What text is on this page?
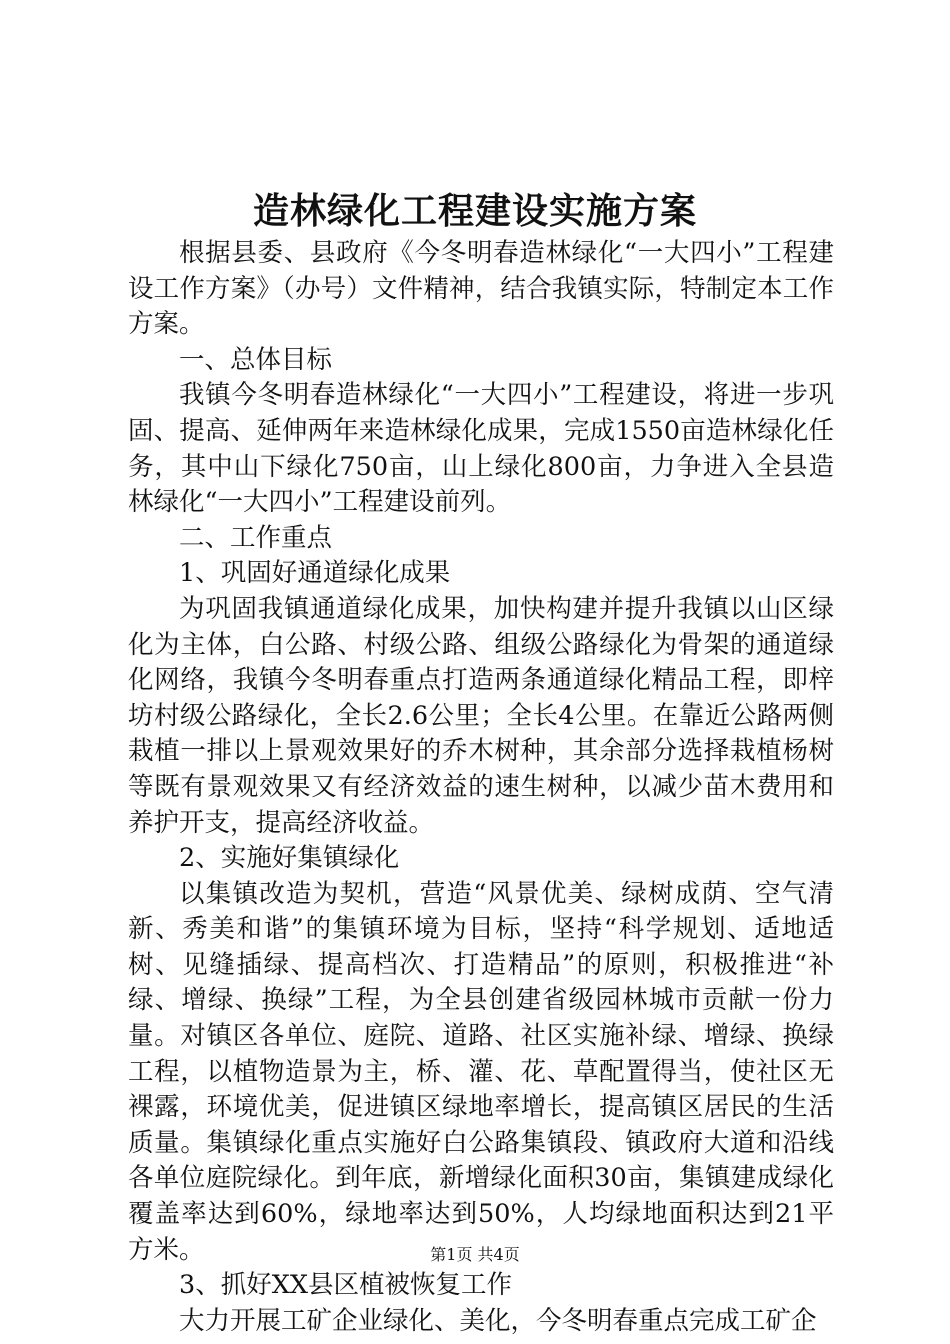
造林绿化工程建设实施方案

根据县委、县政府《今冬明春造林绿化“一大四小”工程建设工作方案》（办号）文件精神，结合我镇实际，特制定本工作方案。

一、总体目标

我镇今冬明春造林绿化“一大四小”工程建设，将进一步巩固、提高、延伸两年来造林绿化成果，完成1550亩造林绿化任务，其中山下绿化750亩，山上绿化800亩，力争进入全县造林绿化“一大四小”工程建设前列。

二、工作重点

1、巩固好通道绿化成果

为巩固我镇通道绿化成果，加快构建并提升我镇以山区绿化为主体，白公路、村级公路、组级公路绿化为骨架的通道绿化网络，我镇今冬明春重点打造两条通道绿化精品工程，即梓坊村级公路绿化，全长2.6公里；全长4公里。在靠近公路两侧栽植一排以上景观效果好的乔木树种，其余部分选择栽植杨树等既有景观效果又有经济效益的速生树种，以减少苗木费用和养护开支，提高经济收益。

2、实施好集镇绿化

以集镇改造为契机，营造“风景优美、绿树成荫、空气清新、秀美和谐”的集镇环境为目标，坚持“科学规划、适地适树、见缝插绿、提高档次、打造精品”的原则，积极推进“补绿、增绿、换绿”工程，为全县创建省级园林城市贡献一份力量。对镇区各单位、庭院、道路、社区实施补绿、增绿、换绿工程，以植物造景为主，桥、灌、花、草配置得当，使社区无裸露，环境优美，促进镇区绿地率增长，提高镇区居民的生活质量。集镇绿化重点实施好白公路集镇段、镇政府大道和沿线各单位庭院绿化。到年底，新增绿化面积30亩，集镇建成绿化覆盖率达到60%，绿地率达到50%，人均绿地面积达到21平方米。

3、抓好XX县区植被恢复工作

大力开展工矿企业绿化、美化，今冬明春重点完成工矿企

第1页 共4页
